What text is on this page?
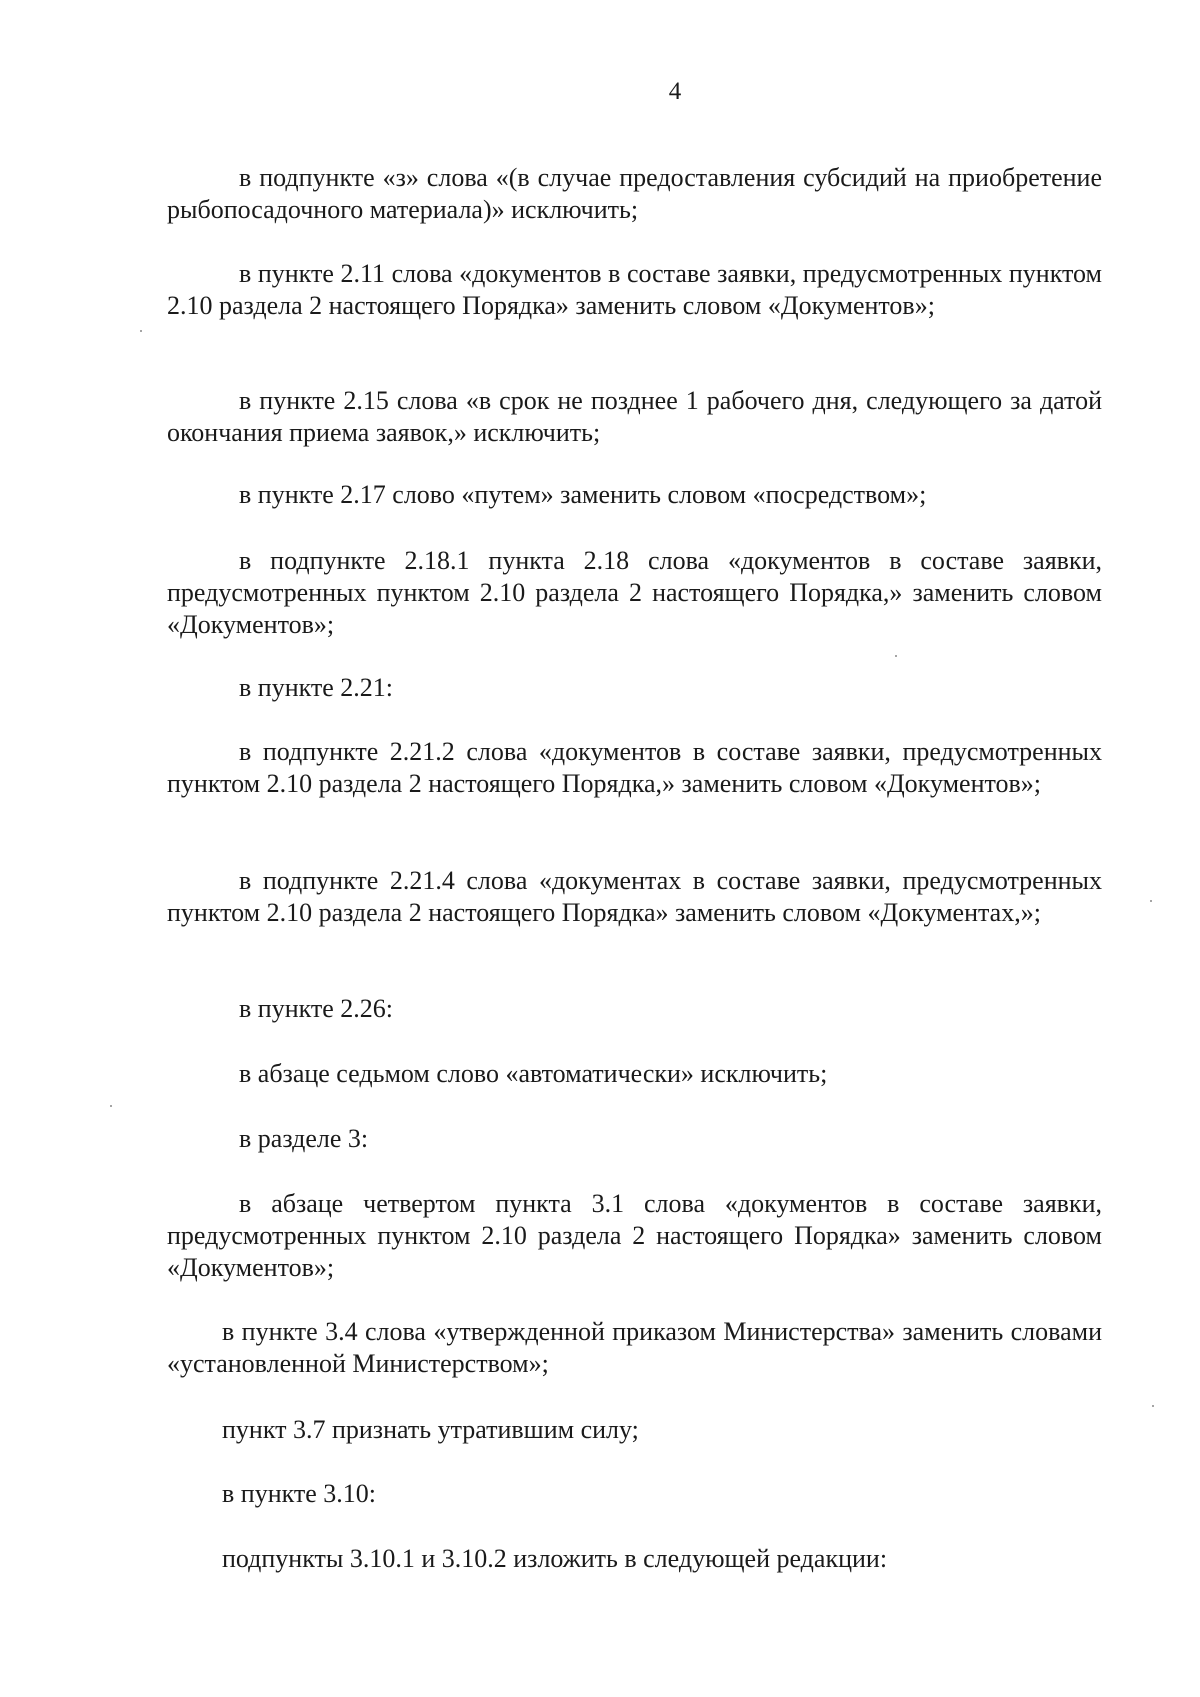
4

в подпункте «з» слова «(в случае предоставления субсидий на приобретение рыбопосадочного материала)» исключить;

в пункте 2.11 слова «документов в составе заявки, предусмотренных пунктом 2.10 раздела 2 настоящего Порядка» заменить словом «Документов»;

в пункте 2.15 слова «в срок не позднее 1 рабочего дня, следующего за датой окончания приема заявок,» исключить;

в пункте 2.17 слово «путем» заменить словом «посредством»;

в подпункте 2.18.1 пункта 2.18 слова «документов в составе заявки, предусмотренных пунктом 2.10 раздела 2 настоящего Порядка,» заменить словом «Документов»;

в пункте 2.21:

в подпункте 2.21.2 слова «документов в составе заявки, предусмотренных пунктом 2.10 раздела 2 настоящего Порядка,» заменить словом «Документов»;

в подпункте 2.21.4 слова «документах в составе заявки, предусмотренных пунктом 2.10 раздела 2 настоящего Порядка» заменить словом «Документах,»;

в пункте 2.26:

в абзаце седьмом слово «автоматически» исключить;

в разделе 3:

в абзаце четвертом пункта 3.1 слова «документов в составе заявки, предусмотренных пунктом 2.10 раздела 2 настоящего Порядка» заменить словом «Документов»;

в пункте 3.4 слова «утвержденной приказом Министерства» заменить словами «установленной Министерством»;

пункт 3.7 признать утратившим силу;

в пункте 3.10:

подпункты 3.10.1 и 3.10.2 изложить в следующей редакции:
